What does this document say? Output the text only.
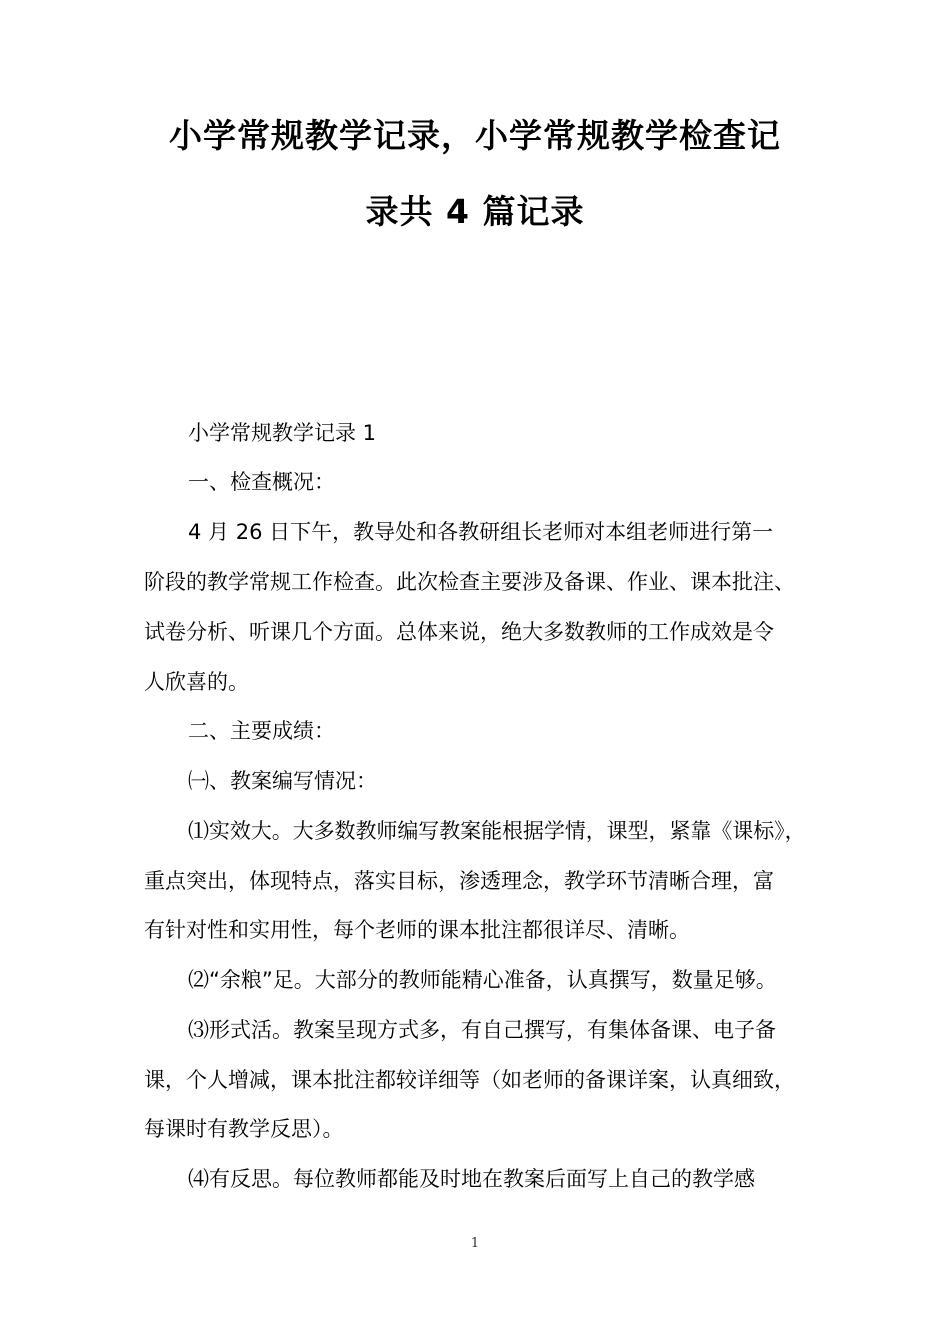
小学常规教学记录，小学常规教学检查记
录共 4 篇记录
小学常规教学记录 1
一、检查概况：
4 月 26 日下午，教导处和各教研组长老师对本组老师进行第一
阶段的教学常规工作检查。此次检查主要涉及备课、作业、课本批注、
试卷分析、听课几个方面。总体来说，绝大多数教师的工作成效是令
人欣喜的。
二、主要成绩：
㈠、教案编写情况：
⑴实效大。大多数教师编写教案能根据学情，课型，紧靠《课标》，
重点突出，体现特点，落实目标，渗透理念，教学环节清晰合理，富
有针对性和实用性，每个老师的课本批注都很详尽、清晰。
⑵“余粮”足。大部分的教师能精心准备，认真撰写，数量足够。
⑶形式活。教案呈现方式多，有自己撰写，有集体备课、电子备
课，个人增减，课本批注都较详细等（如老师的备课详案，认真细致，
每课时有教学反思）。
⑷有反思。每位教师都能及时地在教案后面写上自己的教学感
1
